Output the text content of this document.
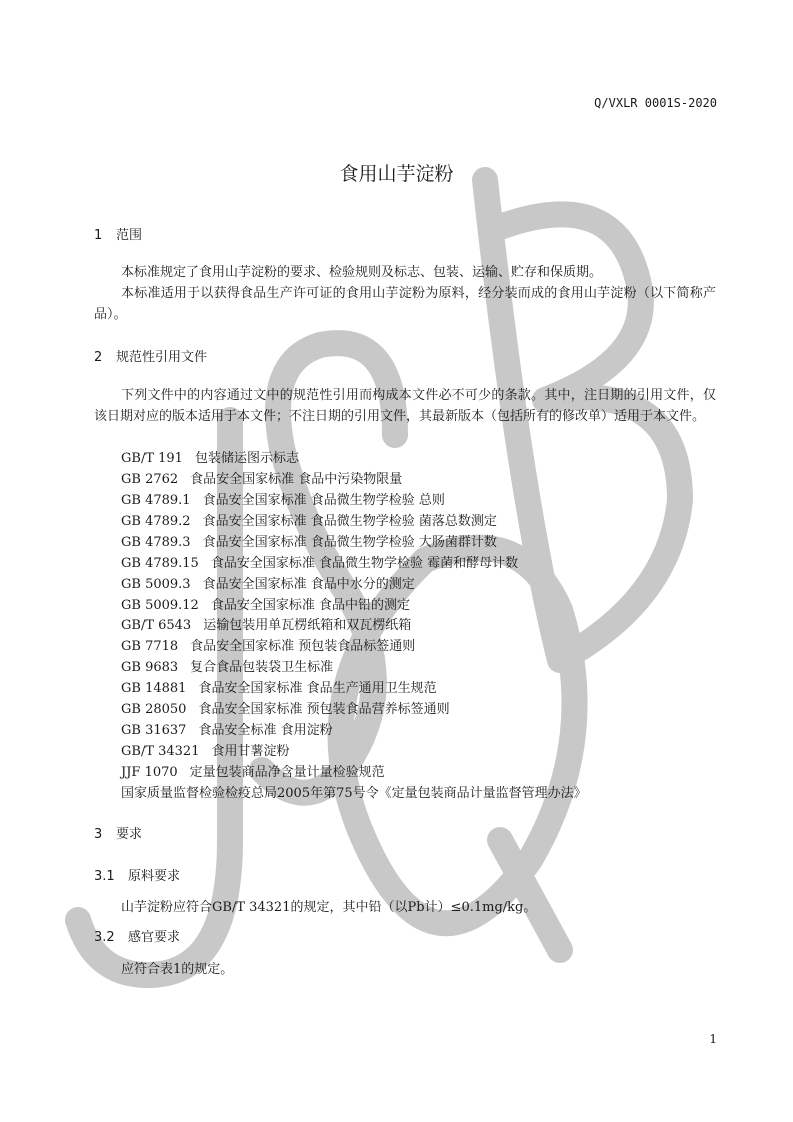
Q/VXLR 0001S-2020
食用山芋淀粉
1 范围

本标准规定了食用山芋淀粉的要求、检验规则及标志、包装、运输、贮存和保质期。

本标准适用于以获得食品生产许可证的食用山芋淀粉为原料，经分装而成的食用山芋淀粉（以下简称产品）。

2 规范性引用文件

下列文件中的内容通过文中的规范性引用而构成本文件必不可少的条款。其中，注日期的引用文件，仅该日期对应的版本适用于本文件；不注日期的引用文件，其最新版本（包括所有的修改单）适用于本文件。

GB/T 191 包装储运图示标志
GB 2762 食品安全国家标准 食品中污染物限量
GB 4789.1 食品安全国家标准 食品微生物学检验 总则
GB 4789.2 食品安全国家标准 食品微生物学检验 菌落总数测定
GB 4789.3 食品安全国家标准 食品微生物学检验 大肠菌群计数
GB 4789.15 食品安全国家标准 食品微生物学检验 霉菌和酵母计数
GB 5009.3 食品安全国家标准 食品中水分的测定
GB 5009.12 食品安全国家标准 食品中铅的测定
GB/T 6543 运输包装用单瓦楞纸箱和双瓦楞纸箱
GB 7718 食品安全国家标准 预包装食品标签通则
GB 9683 复合食品包装袋卫生标准
GB 14881 食品安全国家标准 食品生产通用卫生规范
GB 28050 食品安全国家标准 预包装食品营养标签通则
GB 31637 食品安全标准 食用淀粉
GB/T 34321 食用甘薯淀粉
JJF 1070 定量包装商品净含量计量检验规范
国家质量监督检验检疫总局2005年第75号令《定量包装商品计量监督管理办法》
3 要求
3.1 原料要求
山芋淀粉应符合GB/T 34321的规定，其中铅（以Pb计）≤0.1mg/kg。
3.2 感官要求
应符合表1的规定。
1
